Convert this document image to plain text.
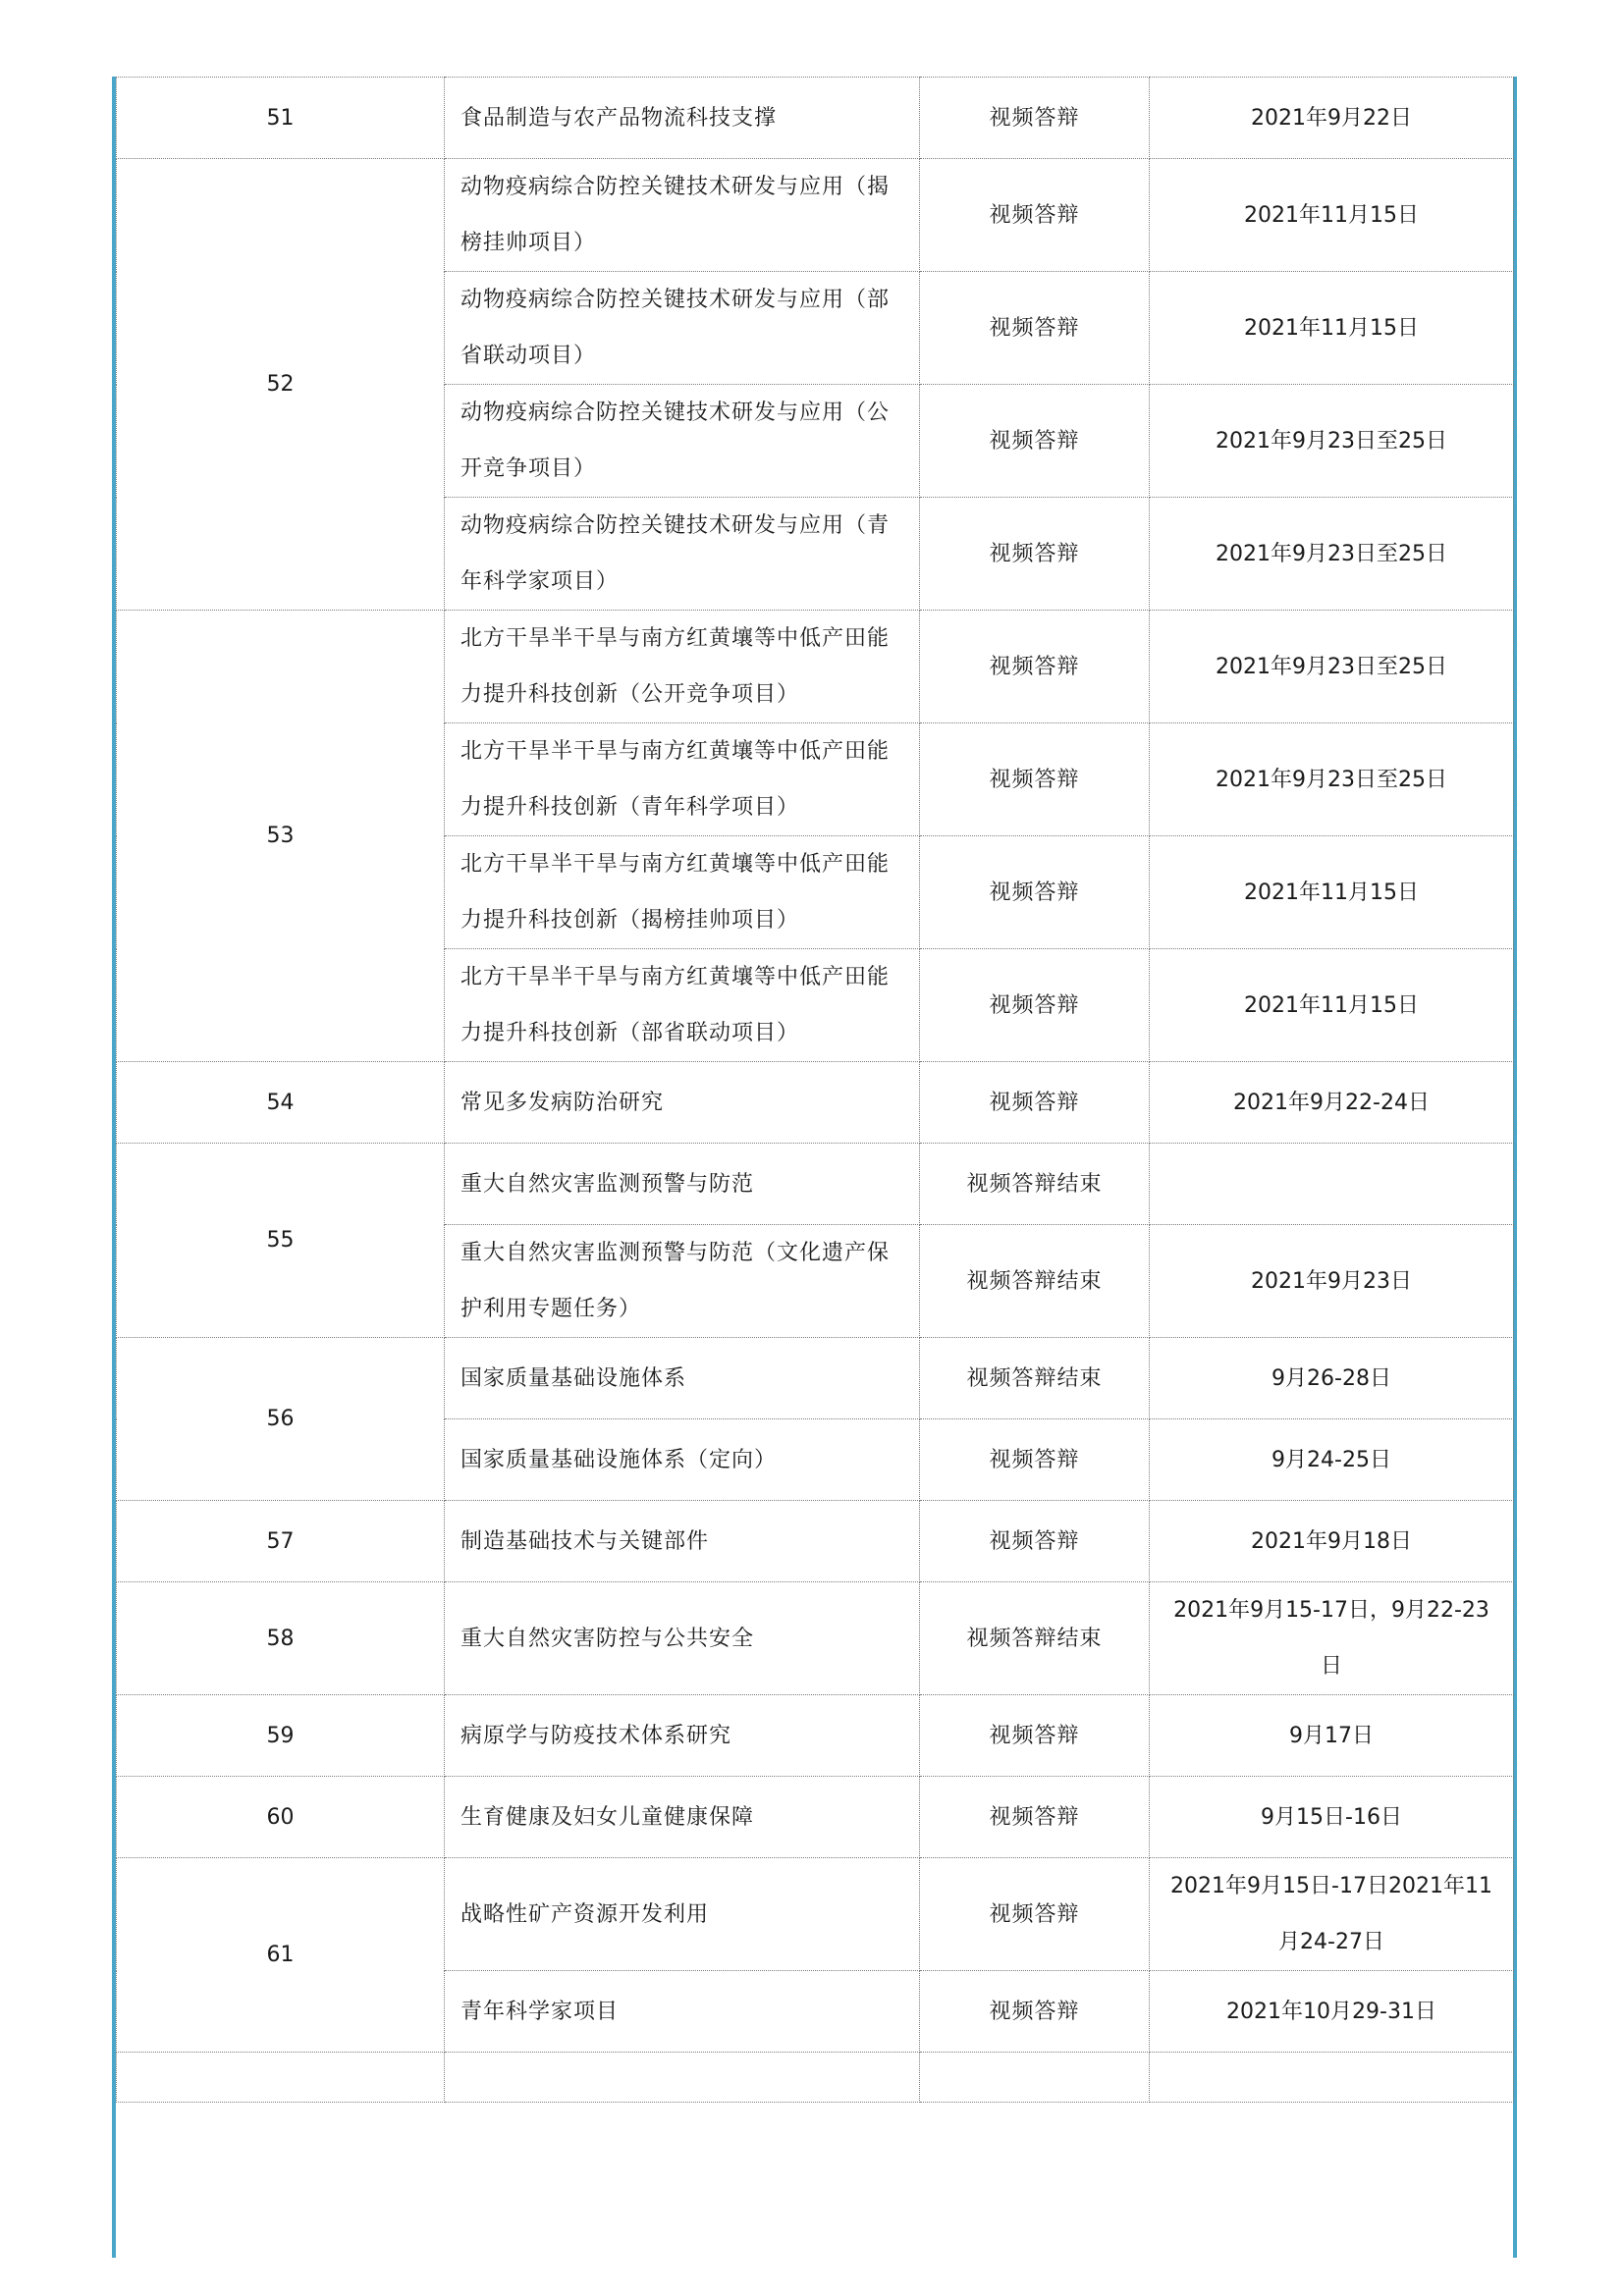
51	食品制造与农产品物流科技支撑	视频答辩	2021年9月22日
52	动物疫病综合防控关键技术研发与应用（揭榜挂帅项目）	视频答辩	2021年11月15日
	动物疫病综合防控关键技术研发与应用（部省联动项目）	视频答辩	2021年11月15日
	动物疫病综合防控关键技术研发与应用（公开竞争项目）	视频答辩	2021年9月23日至25日
	动物疫病综合防控关键技术研发与应用（青年科学家项目）	视频答辩	2021年9月23日至25日
53	北方干旱半干旱与南方红黄壤等中低产田能力提升科技创新（公开竞争项目）	视频答辩	2021年9月23日至25日
	北方干旱半干旱与南方红黄壤等中低产田能力提升科技创新（青年科学项目）	视频答辩	2021年9月23日至25日
	北方干旱半干旱与南方红黄壤等中低产田能力提升科技创新（揭榜挂帅项目）	视频答辩	2021年11月15日
	北方干旱半干旱与南方红黄壤等中低产田能力提升科技创新（部省联动项目）	视频答辩	2021年11月15日
54	常见多发病防治研究	视频答辩	2021年9月22-24日
55	重大自然灾害监测预警与防范	视频答辩结束	
	重大自然灾害监测预警与防范（文化遗产保护利用专题任务）	视频答辩结束	2021年9月23日
56	国家质量基础设施体系	视频答辩结束	9月26-28日
	国家质量基础设施体系（定向）	视频答辩	9月24-25日
57	制造基础技术与关键部件	视频答辩	2021年9月18日
58	重大自然灾害防控与公共安全	视频答辩结束	2021年9月15-17日，9月22-23日
59	病原学与防疫技术体系研究	视频答辩	9月17日
60	生育健康及妇女儿童健康保障	视频答辩	9月15日-16日
61	战略性矿产资源开发利用	视频答辩	2021年9月15日-17日2021年11月24-27日
	青年科学家项目	视频答辩	2021年10月29-31日
